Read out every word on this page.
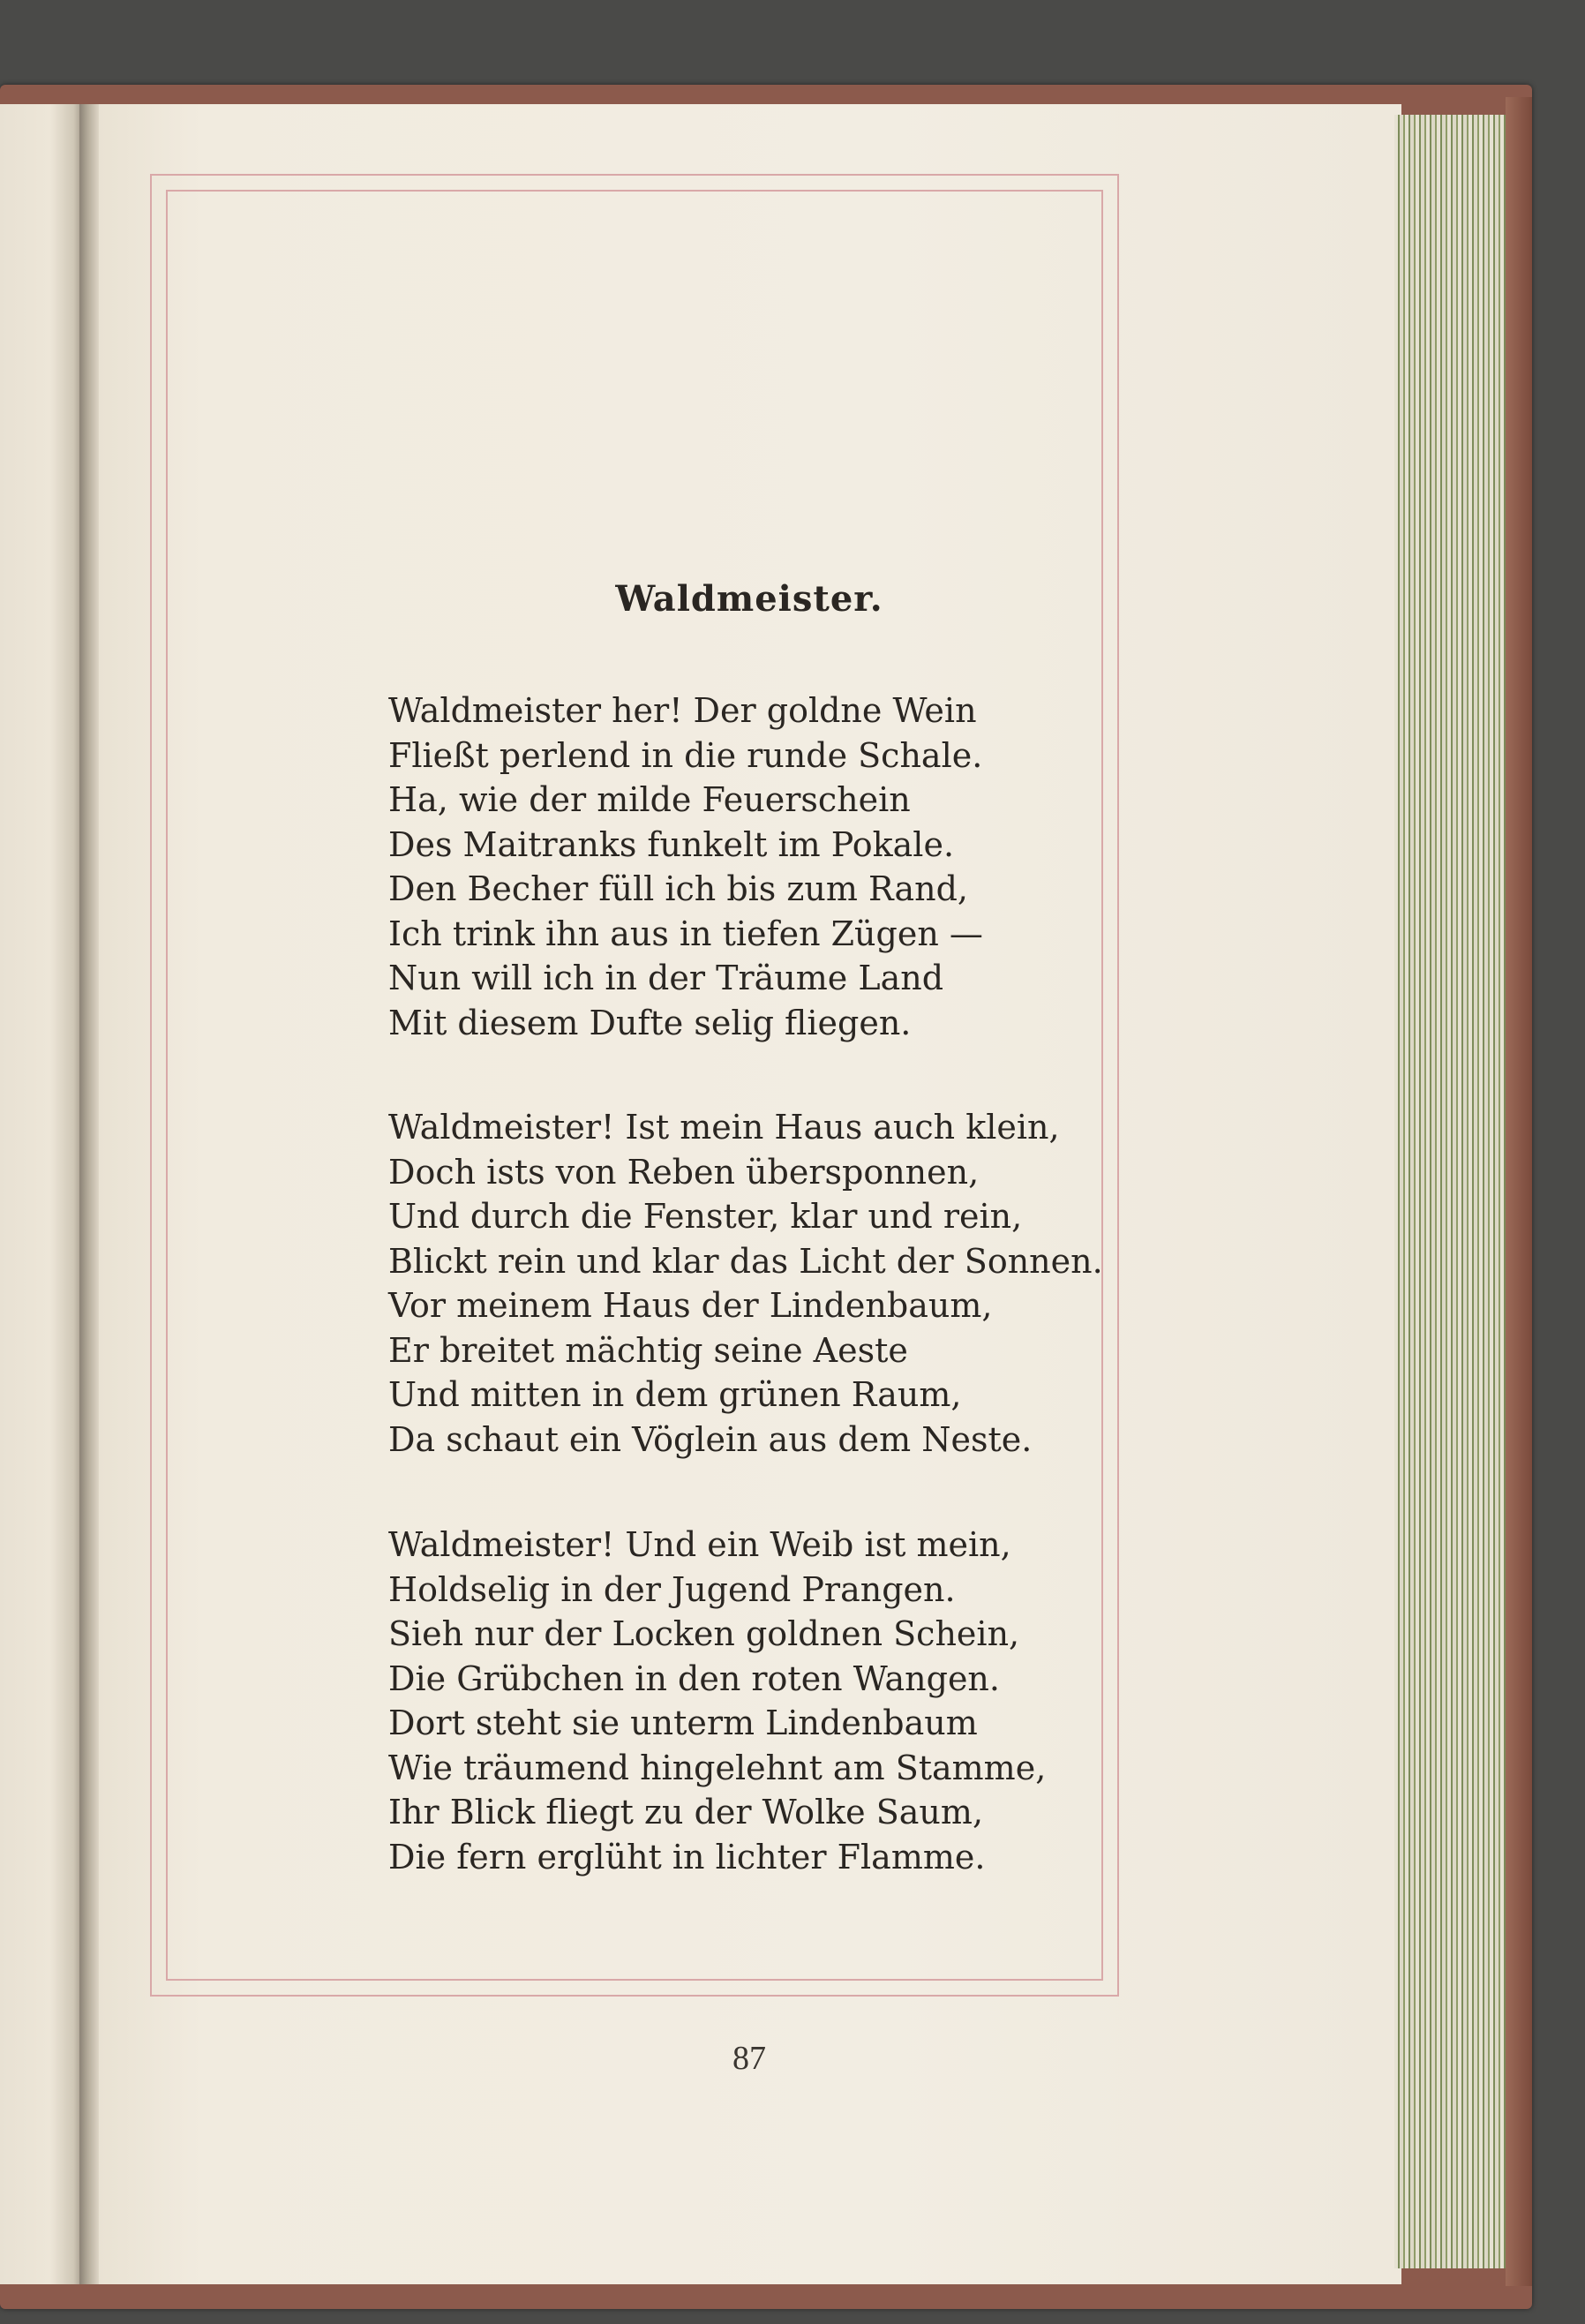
Waldmeister.
Waldmeister her! Der goldne Wein
Fließt perlend in die runde Schale.
Ha, wie der milde Feuerschein
Des Maitranks funkelt im Pokale.
Den Becher füll ich bis zum Rand,
Ich trink ihn aus in tiefen Zügen —
Nun will ich in der Träume Land
Mit diesem Dufte selig fliegen.
Waldmeister! Ist mein Haus auch klein,
Doch ists von Reben übersponnen,
Und durch die Fenster, klar und rein,
Blickt rein und klar das Licht der Sonnen.
Vor meinem Haus der Lindenbaum,
Er breitet mächtig seine Aeste
Und mitten in dem grünen Raum,
Da schaut ein Vöglein aus dem Neste.
Waldmeister! Und ein Weib ist mein,
Holdselig in der Jugend Prangen.
Sieh nur der Locken goldnen Schein,
Die Grübchen in den roten Wangen.
Dort steht sie unterm Lindenbaum
Wie träumend hingelehnt am Stamme,
Ihr Blick fliegt zu der Wolke Saum,
Die fern erglüht in lichter Flamme.
87
